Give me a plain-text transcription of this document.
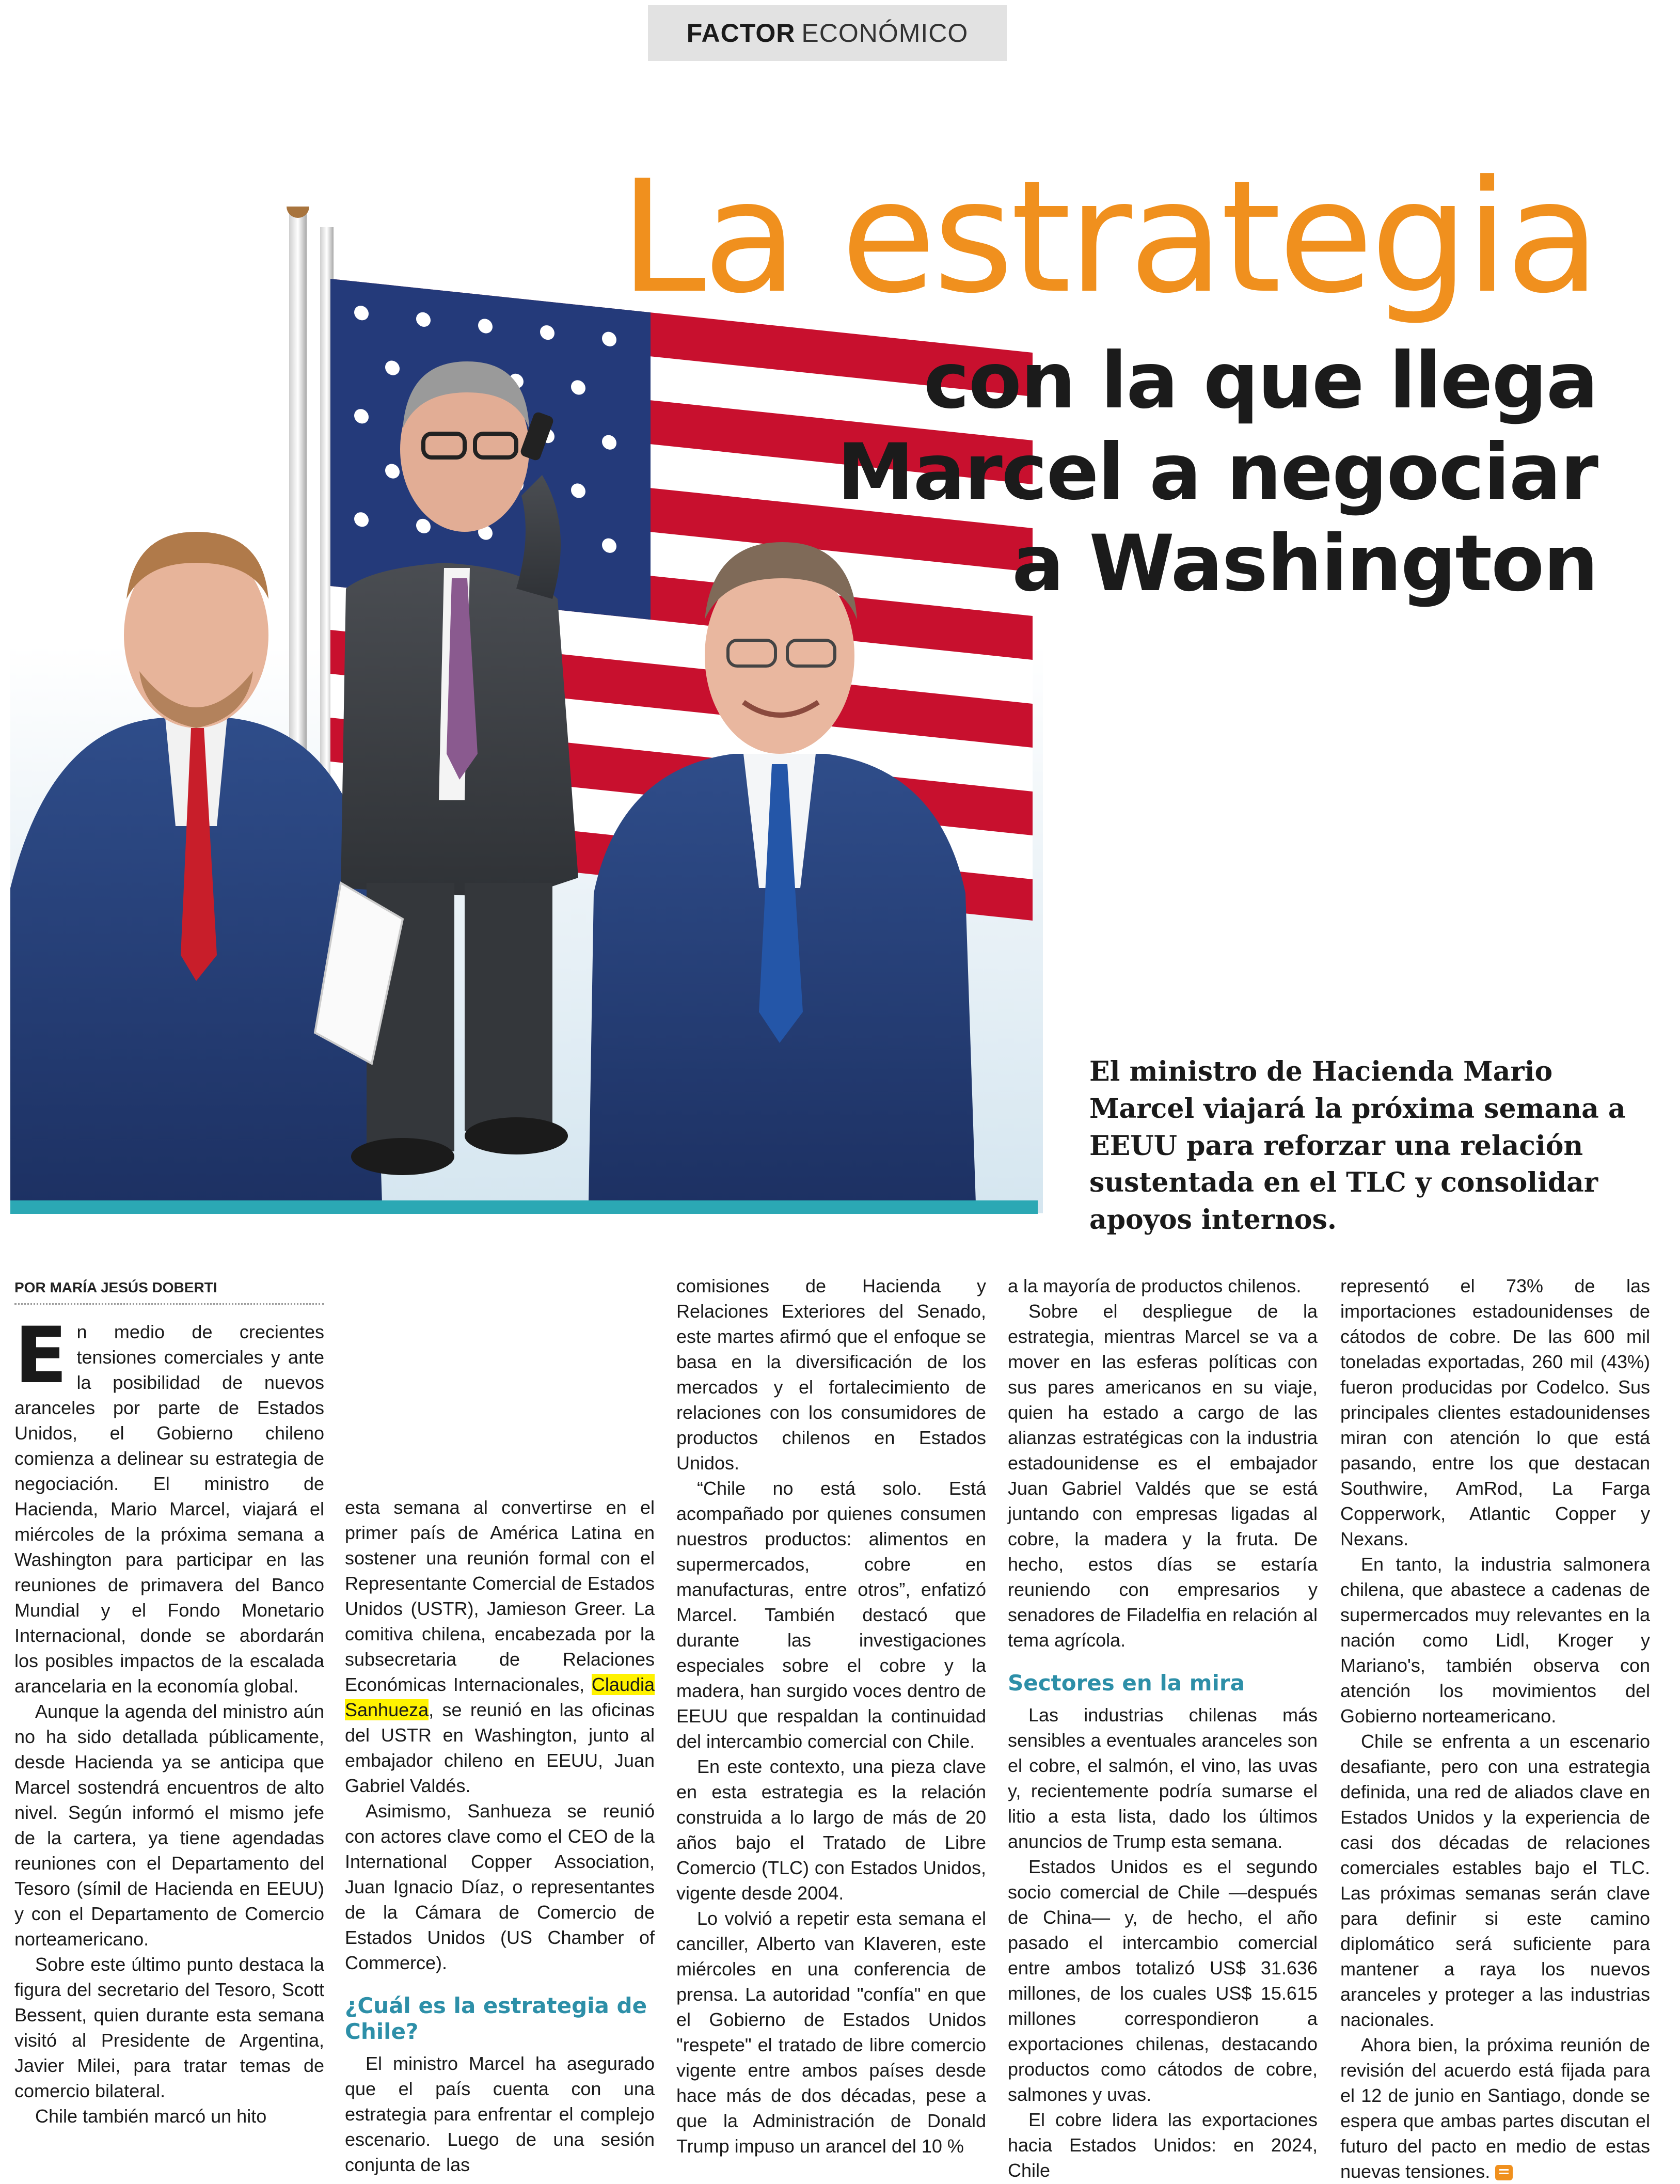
FACTOR ECONÓMICO
La estrategia
con la que llega Marcel a negociar a Washington
El ministro de Hacienda Mario Marcel viajará la próxima semana a EEUU para reforzar una relación sustentada en el TLC y consolidar apoyos internos.
POR MARÍA JESÚS DOBERTI

En medio de crecientes tensiones comerciales y ante la posibilidad de nuevos aranceles por parte de Estados Unidos, el Gobierno chileno comienza a delinear su estrategia de negociación. El ministro de Hacienda, Mario Marcel, viajará el miércoles de la próxima semana a Washington para participar en las reuniones de primavera del Banco Mundial y el Fondo Monetario Internacional, donde se abordarán los posibles impactos de la escalada arancelaria en la economía global.

Aunque la agenda del ministro aún no ha sido detallada públicamente, desde Hacienda ya se anticipa que Marcel sostendrá encuentros de alto nivel. Según informó el mismo jefe de la cartera, ya tiene agendadas reuniones con el Departamento del Tesoro (símil de Hacienda en EEUU) y con el Departamento de Comercio norteamericano.

Sobre este último punto destaca la figura del secretario del Tesoro, Scott Bessent, quien durante esta semana visitó al Presidente de Argentina, Javier Milei, para tratar temas de comercio bilateral.

Chile también marcó un hito

esta semana al convertirse en el primer país de América Latina en sostener una reunión formal con el Representante Comercial de Estados Unidos (USTR), Jamieson Greer. La comitiva chilena, encabezada por la subsecretaria de Relaciones Económicas Internacionales, Claudia Sanhueza, se reunió en las oficinas del USTR en Washington, junto al embajador chileno en EEUU, Juan Gabriel Valdés.

Asimismo, Sanhueza se reunió con actores clave como el CEO de la International Copper Association, Juan Ignacio Díaz, o representantes de la Cámara de Comercio de Estados Unidos (US Chamber of Commerce).

¿Cuál es la estrategia de Chile?

El ministro Marcel ha asegurado que el país cuenta con una estrategia para enfrentar el complejo escenario. Luego de una sesión conjunta de las

comisiones de Hacienda y Relaciones Exteriores del Senado, este martes afirmó que el enfoque se basa en la diversificación de los mercados y el fortalecimiento de relaciones con los consumidores de productos chilenos en Estados Unidos.

“Chile no está solo. Está acompañado por quienes consumen nuestros productos: alimentos en supermercados, cobre en manufacturas, entre otros”, enfatizó Marcel. También destacó que durante las investigaciones especiales sobre el cobre y la madera, han surgido voces dentro de EEUU que respaldan la continuidad del intercambio comercial con Chile.

En este contexto, una pieza clave en esta estrategia es la relación construida a lo largo de más de 20 años bajo el Tratado de Libre Comercio (TLC) con Estados Unidos, vigente desde 2004.

Lo volvió a repetir esta semana el canciller, Alberto van Klaveren, este miércoles en una conferencia de prensa. La autoridad "confía" en que el Gobierno de Estados Unidos "respete" el tratado de libre comercio vigente entre ambos países desde hace más de dos décadas, pese a que la Administración de Donald Trump impuso un arancel del 10 %

a la mayoría de productos chilenos.

Sobre el despliegue de la estrategia, mientras Marcel se va a mover en las esferas políticas con sus pares americanos en su viaje, quien ha estado a cargo de las alianzas estratégicas con la industria estadounidense es el embajador Juan Gabriel Valdés que se está juntando con empresas ligadas al cobre, la madera y la fruta. De hecho, estos días se estaría reuniendo con empresarios y senadores de Filadelfia en relación al tema agrícola.

Sectores en la mira

Las industrias chilenas más sensibles a eventuales aranceles son el cobre, el salmón, el vino, las uvas y, recientemente podría sumarse el litio a esta lista, dado los últimos anuncios de Trump esta semana.

Estados Unidos es el segundo socio comercial de Chile —después de China— y, de hecho, el año pasado el intercambio comercial entre ambos totalizó US$ 31.636 millones, de los cuales US$ 15.615 millones correspondieron a exportaciones chilenas, destacando productos como cátodos de cobre, salmones y uvas.

El cobre lidera las exportaciones hacia Estados Unidos: en 2024, Chile

representó el 73% de las importaciones estadounidenses de cátodos de cobre. De las 600 mil toneladas exportadas, 260 mil (43%) fueron producidas por Codelco. Sus principales clientes estadounidenses miran con atención lo que está pasando, entre los que destacan Southwire, AmRod, La Farga Copperwork, Atlantic Copper y Nexans.

En tanto, la industria salmonera chilena, que abastece a cadenas de supermercados muy relevantes en la nación como Lidl, Kroger y Mariano's, también observa con atención los movimientos del Gobierno norteamericano.

Chile se enfrenta a un escenario desafiante, pero con una estrategia definida, una red de aliados clave en Estados Unidos y la experiencia de casi dos décadas de relaciones comerciales estables bajo el TLC. Las próximas semanas serán clave para definir si este camino diplomático será suficiente para mantener a raya los nuevos aranceles y proteger a las industrias nacionales.

Ahora bien, la próxima reunión de revisión del acuerdo está fijada para el 12 de junio en Santiago, donde se espera que ambas partes discutan el futuro del pacto en medio de estas nuevas tensiones.
